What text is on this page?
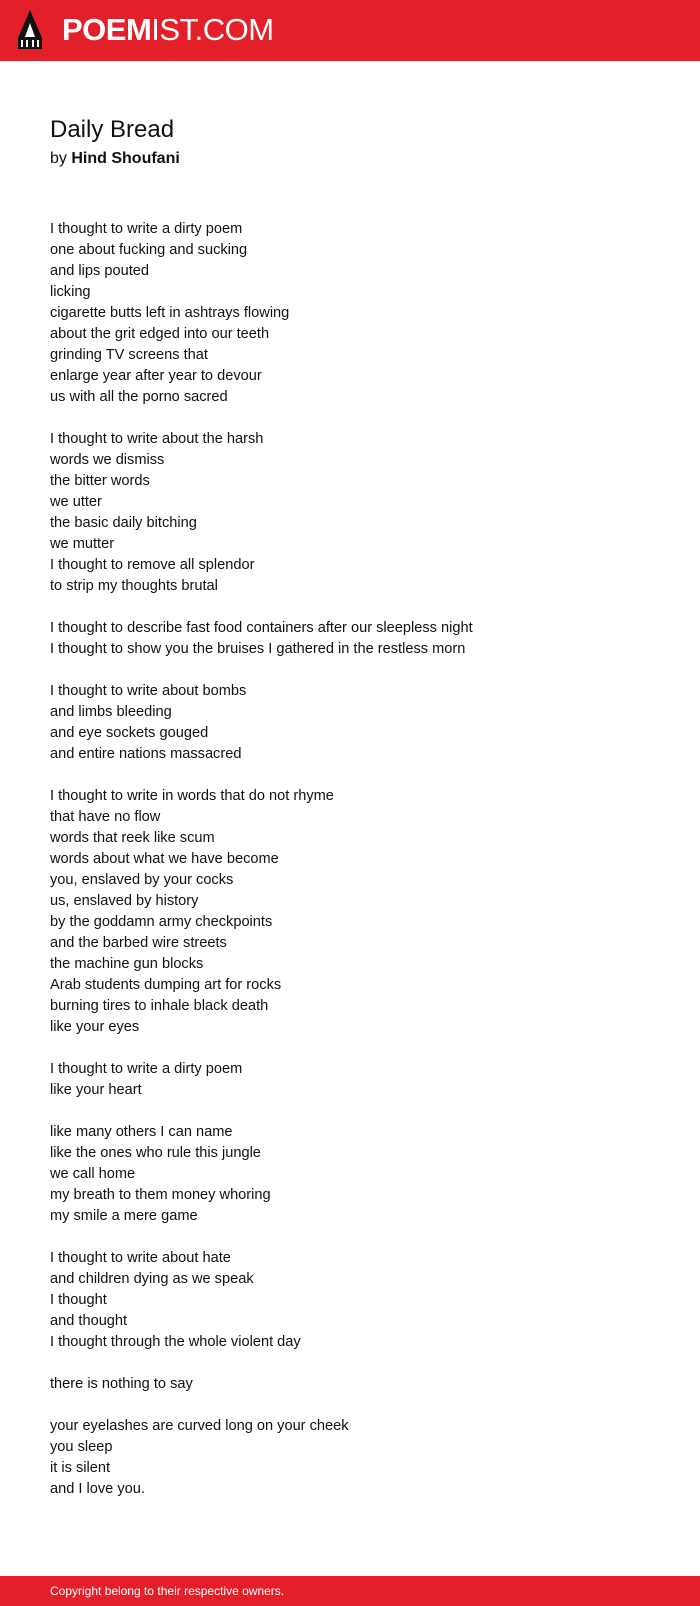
POEMIST.COM
Daily Bread
by Hind Shoufani
I thought to write a dirty poem
one about fucking and sucking
and lips pouted
licking
cigarette butts left in ashtrays flowing
about the grit edged into our teeth
grinding TV screens that
enlarge year after year to devour
us with all the porno sacred
I thought to write about the harsh
words we dismiss
the bitter words
we utter
the basic daily bitching
we mutter
I thought to remove all splendor
to strip my thoughts brutal
I thought to describe fast food containers after our sleepless night
I thought to show you the bruises I gathered in the restless morn
I thought to write about bombs
and limbs bleeding
and eye sockets gouged
and entire nations massacred
I thought to write in words that do not rhyme
that have no flow
words that reek like scum
words about what we have become
you, enslaved by your cocks
us, enslaved by history
by the goddamn army checkpoints
and the barbed wire streets
the machine gun blocks
Arab students dumping art for rocks
burning tires to inhale black death
like your eyes
I thought to write a dirty poem
like your heart
like many others I can name
like the ones who rule this jungle
we call home
my breath to them money whoring
my smile a mere game
I thought to write about hate
and children dying as we speak
I thought
and thought
I thought through the whole violent day
there is nothing to say
your eyelashes are curved long on your cheek
you sleep
it is silent
and I love you.
Copyright belong to their respective owners.
